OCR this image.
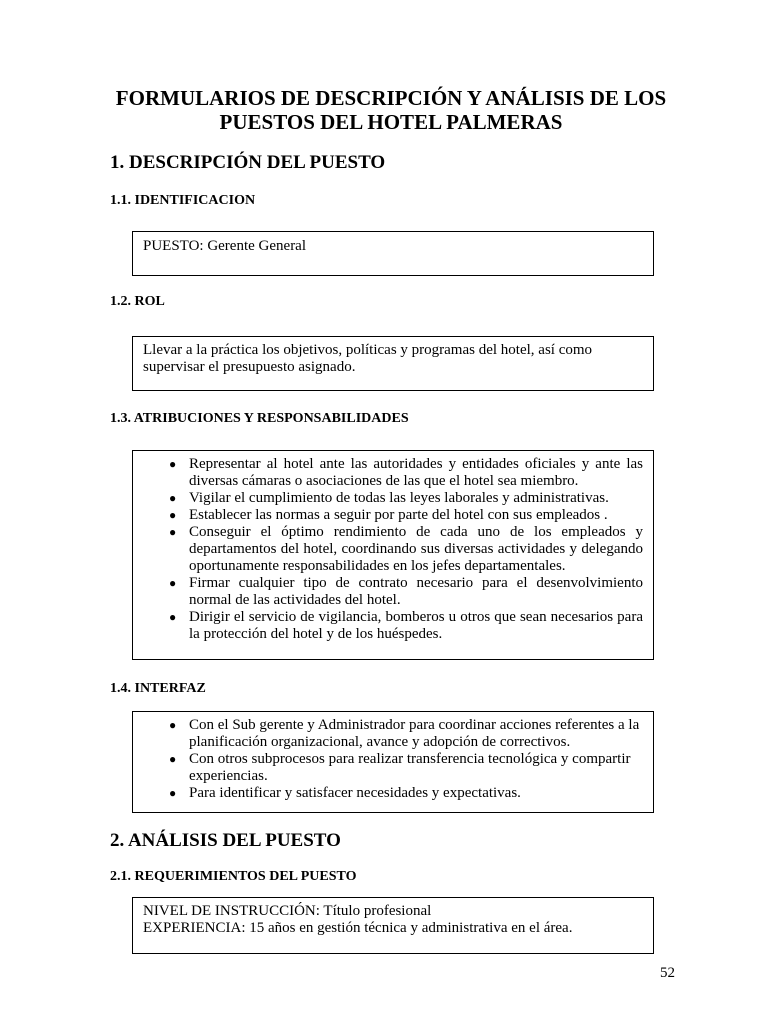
FORMULARIOS DE DESCRIPCIÓN Y ANÁLISIS DE LOS
PUESTOS DEL HOTEL PALMERAS
1. DESCRIPCIÓN DEL PUESTO
1.1. IDENTIFICACION
PUESTO: Gerente General
1.2. ROL
Llevar a la práctica los objetivos, políticas y programas del hotel, así como supervisar el presupuesto asignado.
1.3. ATRIBUCIONES Y RESPONSABILIDADES
● Representar al hotel ante las autoridades y entidades oficiales y ante las diversas cámaras o asociaciones de las que el hotel sea miembro.
● Vigilar el cumplimiento de todas las leyes laborales y administrativas.
● Establecer las normas a seguir por parte del hotel con sus empleados .
● Conseguir el óptimo rendimiento de cada uno de los empleados y departamentos del hotel, coordinando sus diversas actividades y delegando oportunamente responsabilidades en los jefes departamentales.
● Firmar cualquier tipo de contrato necesario para el desenvolvimiento normal de las actividades del hotel.
● Dirigir el servicio de vigilancia, bomberos u otros que sean necesarios para la protección del hotel y de los huéspedes.
1.4. INTERFAZ
● Con el Sub gerente y Administrador para coordinar acciones referentes a la planificación organizacional, avance y adopción de correctivos.
● Con otros subprocesos para realizar transferencia tecnológica y compartir experiencias.
● Para identificar y satisfacer necesidades y expectativas.
2. ANÁLISIS DEL PUESTO
2.1. REQUERIMIENTOS DEL PUESTO
NIVEL DE INSTRUCCIÓN: Título profesional
EXPERIENCIA: 15 años en gestión técnica y administrativa en el área.
52
